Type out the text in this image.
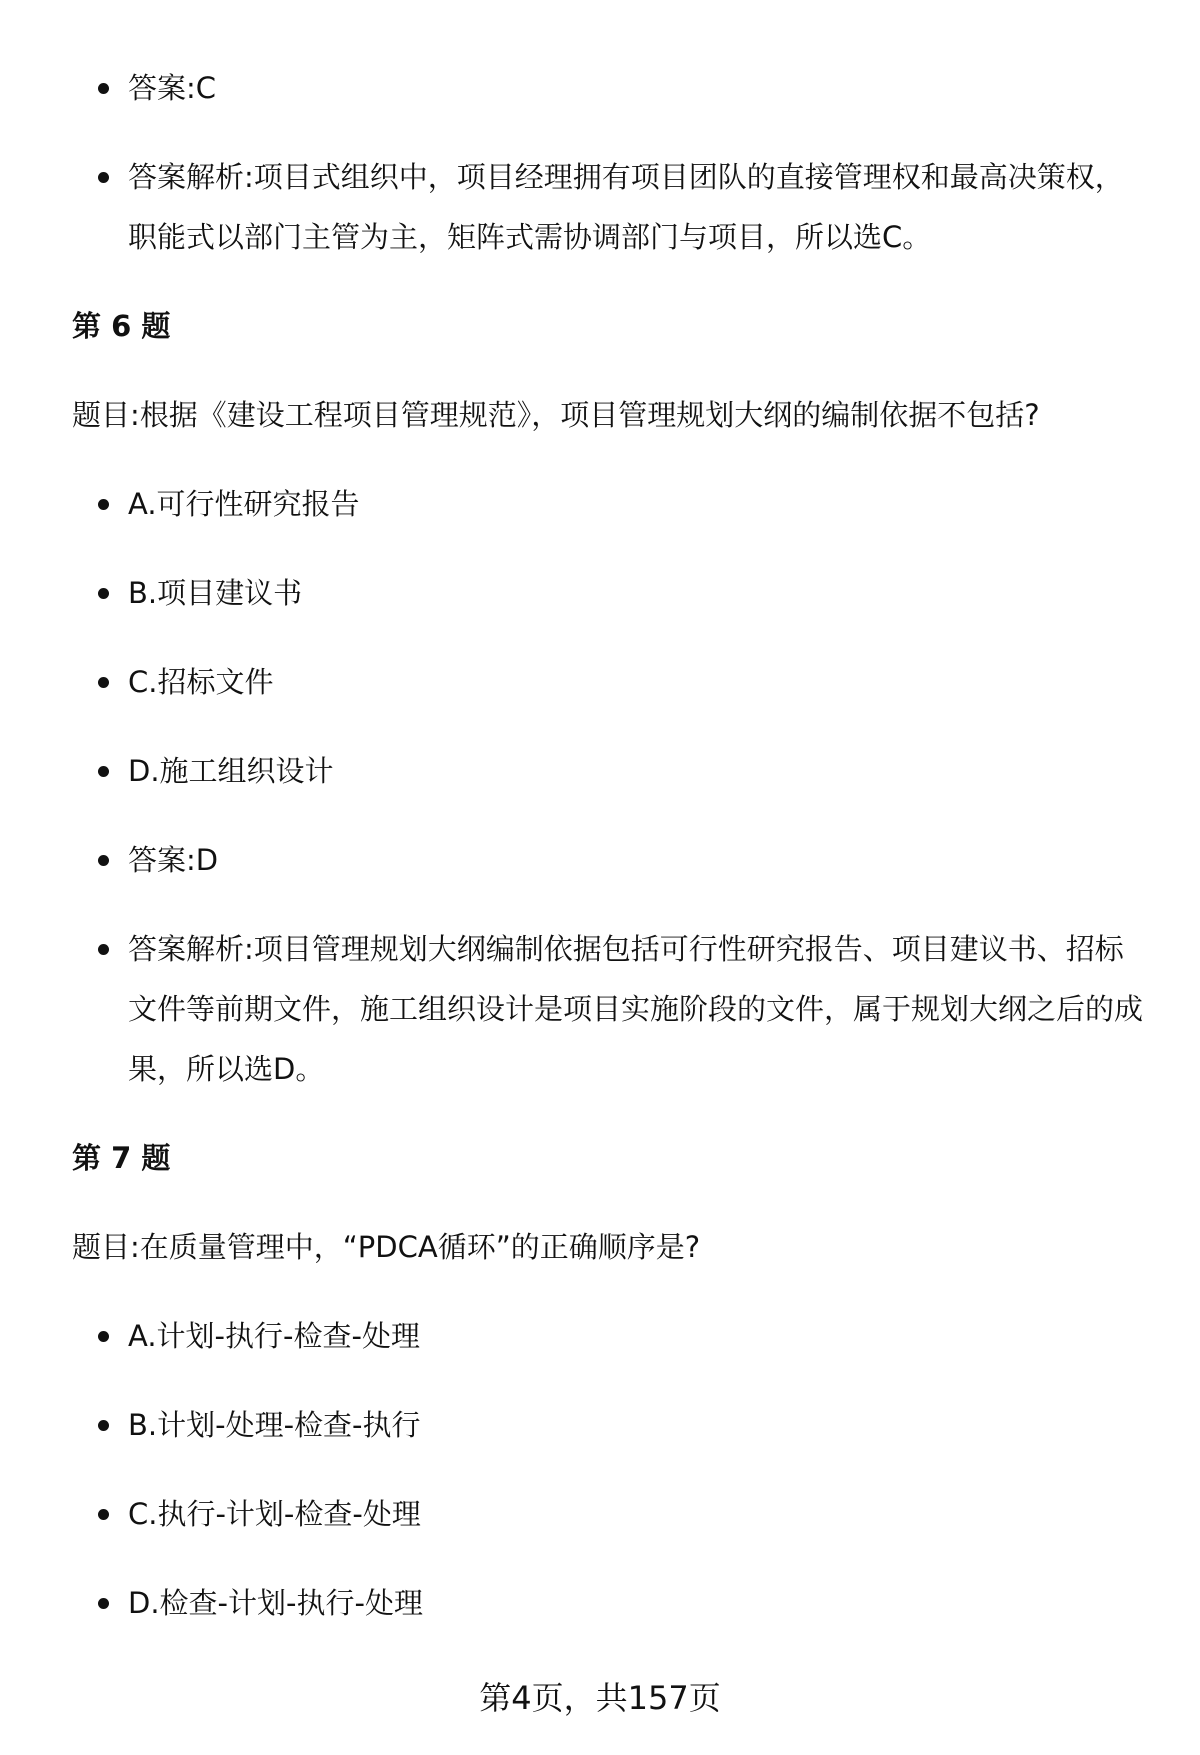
答案:C
答案解析:项目式组织中，项目经理拥有项目团队的直接管理权和最高决策权，职能式以部门主管为主，矩阵式需协调部门与项目，所以选C。
第 6 题
题目:根据《建设工程项目管理规范》，项目管理规划大纲的编制依据不包括?
A.可行性研究报告
B.项目建议书
C.招标文件
D.施工组织设计
答案:D
答案解析:项目管理规划大纲编制依据包括可行性研究报告、项目建议书、招标文件等前期文件，施工组织设计是项目实施阶段的文件，属于规划大纲之后的成果，所以选D。
第 7 题
题目:在质量管理中，“PDCA循环”的正确顺序是?
A.计划-执行-检查-处理
B.计划-处理-检查-执行
C.执行-计划-检查-处理
D.检查-计划-执行-处理
第4页，共157页
